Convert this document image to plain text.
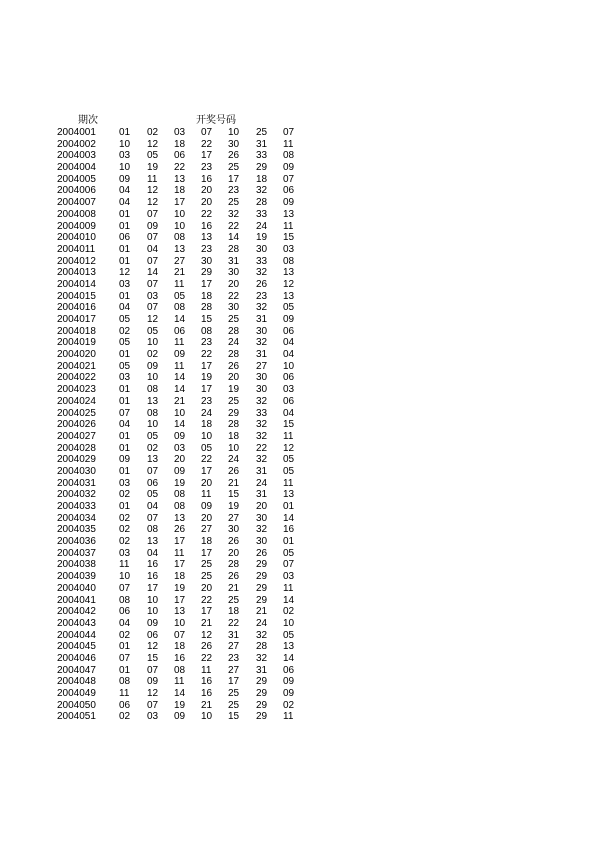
期次	开奖号码
2004001 01 02 03 07 10 25 07
2004002 10 12 18 22 30 31 11
2004003 03 05 06 17 26 33 08
2004004 10 19 22 23 25 29 09
2004005 09 11 13 16 17 18 07
2004006 04 12 18 20 23 32 06
2004007 04 12 17 20 25 28 09
2004008 01 07 10 22 32 33 13
2004009 01 09 10 16 22 24 11
2004010 06 07 08 13 14 19 15
2004011 01 04 13 23 28 30 03
2004012 01 07 27 30 31 33 08
2004013 12 14 21 29 30 32 13
2004014 03 07 11 17 20 26 12
2004015 01 03 05 18 22 23 13
2004016 04 07 08 28 30 32 05
2004017 05 12 14 15 25 31 09
2004018 02 05 06 08 28 30 06
2004019 05 10 11 23 24 32 04
2004020 01 02 09 22 28 31 04
2004021 05 09 11 17 26 27 10
2004022 03 10 14 19 20 30 06
2004023 01 08 14 17 19 30 03
2004024 01 13 21 23 25 32 06
2004025 07 08 10 24 29 33 04
2004026 04 10 14 18 28 32 15
2004027 01 05 09 10 18 32 11
2004028 01 02 03 05 10 22 12
2004029 09 13 20 22 24 32 05
2004030 01 07 09 17 26 31 05
2004031 03 06 19 20 21 24 11
2004032 02 05 08 11 15 31 13
2004033 01 04 08 09 19 20 01
2004034 02 07 13 20 27 30 14
2004035 02 08 26 27 30 32 16
2004036 02 13 17 18 26 30 01
2004037 03 04 11 17 20 26 05
2004038 11 16 17 25 28 29 07
2004039 10 16 18 25 26 29 03
2004040 07 17 19 20 21 29 11
2004041 08 10 17 22 25 29 14
2004042 06 10 13 17 18 21 02
2004043 04 09 10 21 22 24 10
2004044 02 06 07 12 31 32 05
2004045 01 12 18 26 27 28 13
2004046 07 15 16 22 23 32 14
2004047 01 07 08 11 27 31 06
2004048 08 09 11 16 17 29 09
2004049 11 12 14 16 25 29 09
2004050 06 07 19 21 25 29 02
2004051 02 03 09 10 15 29 11
